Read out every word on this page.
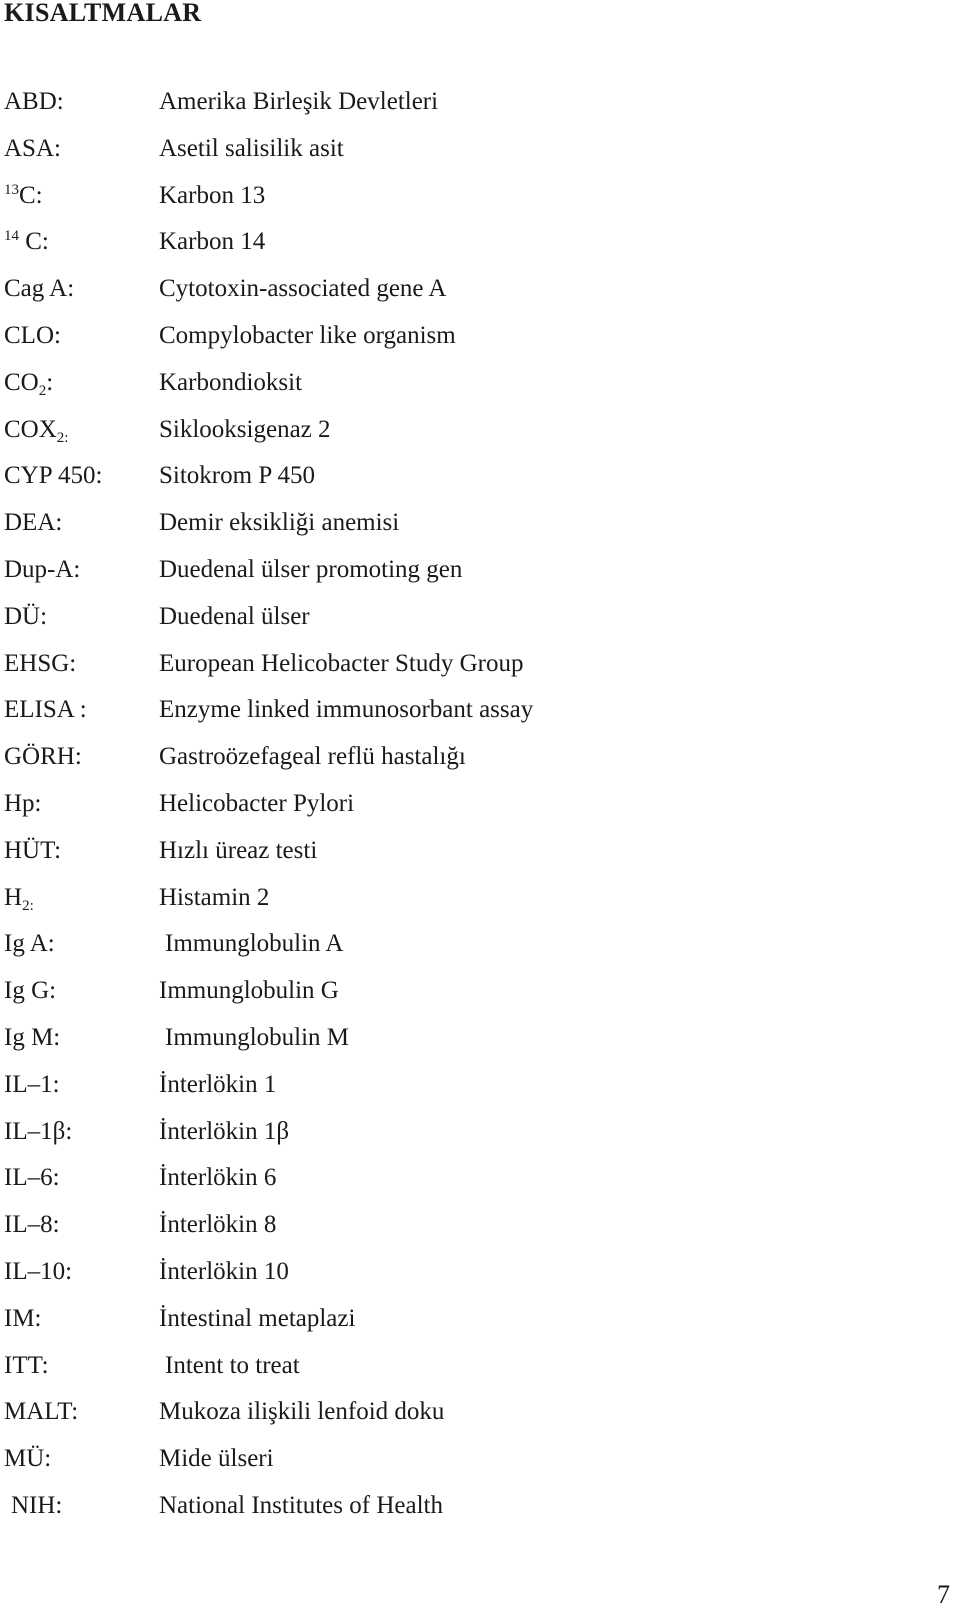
KISALTMALAR
ABD:	Amerika Birleşik Devletleri
ASA:	Asetil salisilik asit
$^{13}$C:	Karbon 13
$^{14}$ C:	Karbon 14
Cag A:	Cytotoxin-associated gene A
CLO:	Compylobacter like organism
$CO_2$:	Karbondioksit
$COX_{2:}$	Siklooksigenaz 2
CYP 450: Sitokrom P 450
DEA:	Demir eksikliği anemisi
Dup-A:	Duedenal ülser promoting gen
DÜ:	Duedenal ülser
EHSG:	European Helicobacter Study Group
ELISA :	Enzyme linked immunosorbant assay
GÖRH:	Gastroözefageal reflü hastalığı
Hp:	Helicobacter Pylori
HÜT:	Hızlı üreaz testi
$H_{2:}$	Histamin 2
Ig A:	Immunglobulin A
Ig G:	Immunglobulin G
Ig M:	Immunglobulin M
IL–1:	İnterlökin 1
IL–1β:	İnterlökin 1β
IL–6:	İnterlökin 6
IL–8:	İnterlökin 8
IL–10:	İnterlökin 10
IM:	İntestinal metaplazi
ITT:	Intent to treat
MALT:	Mukoza ilişkili lenfoid doku
MÜ:	Mide ülseri
NIH:	National Institutes of Health
7
